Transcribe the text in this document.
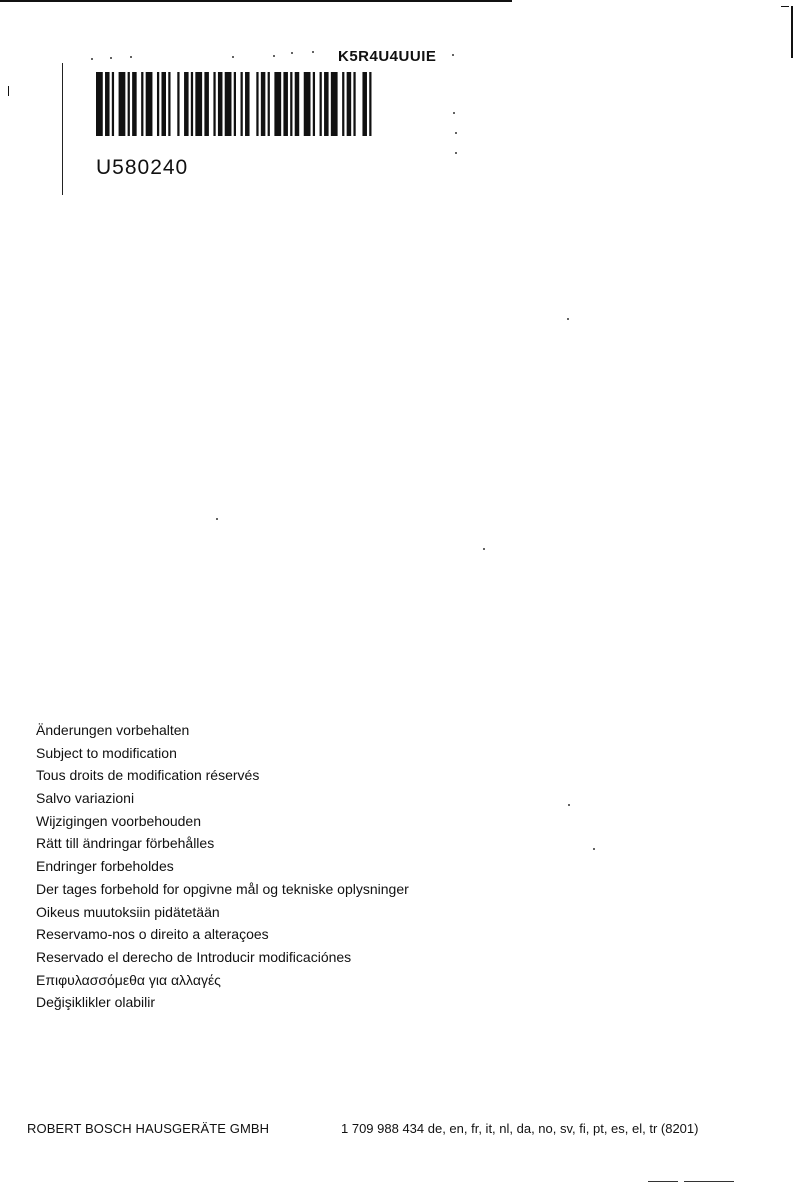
K5R4U4UUIE
U580240
Änderungen vorbehalten
Subject to modification
Tous droits de modification réservés
Salvo variazioni
Wijzigingen voorbehouden
Rätt till ändringar förbehålles
Endringer forbeholdes
Der tages forbehold for opgivne mål og tekniske oplysninger
Oikeus muutoksiin pidätetään
Reservamo-nos o direito a alteraçoes
Reservado el derecho de Introducir modificaciónes
Επιφυλασσόμεθα για αλλαγές
Değişiklikler olabilir
ROBERT BOSCH HAUSGERÄTE GMBH	1 709 988 434 de, en, fr, it, nl, da, no, sv, fi, pt, es, el, tr (8201)
